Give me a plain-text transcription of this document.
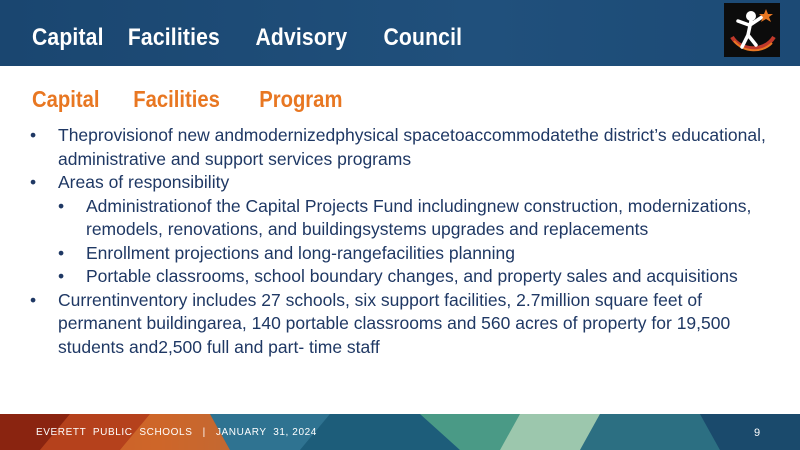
Capital    Facilities      Advisory      Council
Capital      Facilities       Program
•	Theprovisionof new andmodernizedphysical spacetoaccommodatethe district’s educational, administrative and support services programs
•	Areas of responsibility
•	Administrationof the Capital Projects Fund includingnew construction, modernizations, remodels, renovations, and buildingsystems upgrades and replacements
•	Enrollment projections and long-rangefacilities planning
•	Portable classrooms, school boundary changes, and property sales and acquisitions
•	Currentinventory includes 27 schools, six support facilities, 2.7million square feet of permanent buildingarea, 140 portable classrooms and 560 acres of property for 19,500 students and2,500 full and part- time staff
EVERETT  PUBLIC  SCHOOLS   |   JANUARY  31, 2024	9
